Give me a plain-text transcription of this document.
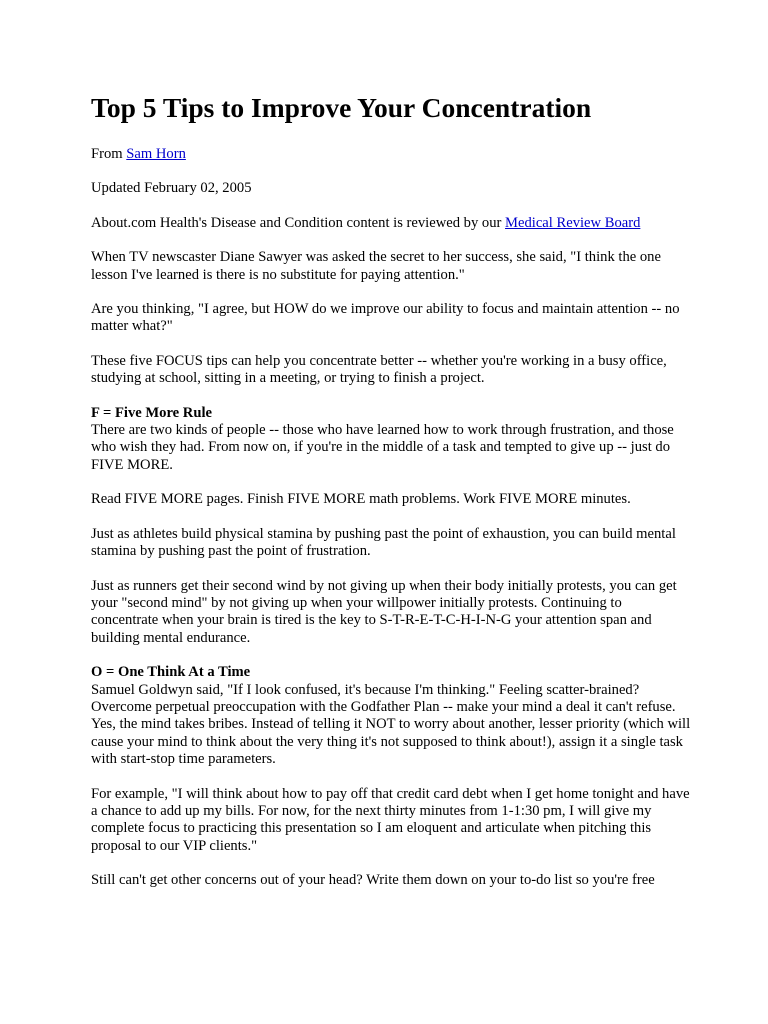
Top 5 Tips to Improve Your Concentration

From Sam Horn

Updated February 02, 2005

About.com Health's Disease and Condition content is reviewed by our Medical Review Board

When TV newscaster Diane Sawyer was asked the secret to her success, she said, "I think the one lesson I've learned is there is no substitute for paying attention."

Are you thinking, "I agree, but HOW do we improve our ability to focus and maintain attention -- no matter what?"

These five FOCUS tips can help you concentrate better -- whether you're working in a busy office, studying at school, sitting in a meeting, or trying to finish a project.

F = Five More Rule
There are two kinds of people -- those who have learned how to work through frustration, and those who wish they had. From now on, if you're in the middle of a task and tempted to give up -- just do FIVE MORE.

Read FIVE MORE pages. Finish FIVE MORE math problems. Work FIVE MORE minutes.

Just as athletes build physical stamina by pushing past the point of exhaustion, you can build mental stamina by pushing past the point of frustration.

Just as runners get their second wind by not giving up when their body initially protests, you can get your "second mind" by not giving up when your willpower initially protests. Continuing to concentrate when your brain is tired is the key to S-T-R-E-T-C-H-I-N-G your attention span and building mental endurance.

O = One Think At a Time
Samuel Goldwyn said, "If I look confused, it's because I'm thinking." Feeling scatter-brained? Overcome perpetual preoccupation with the Godfather Plan -- make your mind a deal it can't refuse. Yes, the mind takes bribes. Instead of telling it NOT to worry about another, lesser priority (which will cause your mind to think about the very thing it's not supposed to think about!), assign it a single task with start-stop time parameters.

For example, "I will think about how to pay off that credit card debt when I get home tonight and have a chance to add up my bills. For now, for the next thirty minutes from 1-1:30 pm, I will give my complete focus to practicing this presentation so I am eloquent and articulate when pitching this proposal to our VIP clients."

Still can't get other concerns out of your head? Write them down on your to-do list so you're free
